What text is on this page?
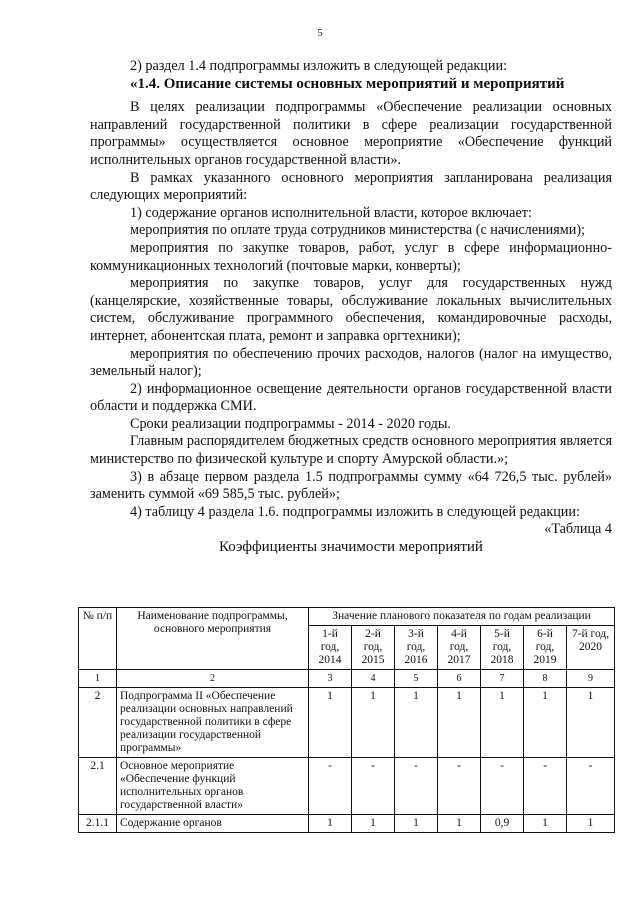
5

2) раздел 1.4 подпрограммы изложить в следующей редакции:

«1.4. Описание системы основных мероприятий и мероприятий

В целях реализации подпрограммы «Обеспечение реализации основных направлений государственной политики в сфере реализации государственной программы» осуществляется основное мероприятие «Обеспечение функций исполнительных органов государственной власти».

В рамках указанного основного мероприятия запланирована реализация следующих мероприятий:

1) содержание органов исполнительной власти, которое включает:

мероприятия по оплате труда сотрудников министерства (с начислениями);

мероприятия по закупке товаров, работ, услуг в сфере информационно-коммуникационных технологий (почтовые марки, конверты);

мероприятия по закупке товаров, услуг для государственных нужд (канцелярские, хозяйственные товары, обслуживание локальных вычислительных систем, обслуживание программного обеспечения, командировочные расходы, интернет, абонентская плата, ремонт и заправка оргтехники);

мероприятия по обеспечению прочих расходов, налогов (налог на имущество, земельный налог);

2) информационное освещение деятельности органов государственной власти области и поддержка СМИ.

Сроки реализации подпрограммы - 2014 - 2020 годы.

Главным распорядителем бюджетных средств основного мероприятия является министерство по физической культуре и спорту Амурской области.»;

3) в абзаце первом раздела 1.5 подпрограммы сумму «64 726,5 тыс. рублей» заменить суммой «69 585,5 тыс. рублей»;

4) таблицу 4 раздела 1.6. подпрограммы изложить в следующей редакции:

«Таблица 4

Коэффициенты значимости мероприятий

№ п/п	Наименование подпрограммы, основного мероприятия	Значение планового показателя по годам реализации						
		1-й год, 2014	2-й год, 2015	3-й год, 2016	4-й год, 2017	5-й год, 2018	6-й год, 2019	7-й год, 2020
1	2	3	4	5	6	7	8	9
2	Подпрограмма II «Обеспечение реализации основных направлений государственной политики в сфере реализации государственной программы»	1	1	1	1	1	1	1
2.1	Основное мероприятие «Обеспечение функций исполнительных органов государственной власти»	-	-	-	-	-	-	-
2.1.1	Содержание органов	1	1	1	1	0,9	1	1
